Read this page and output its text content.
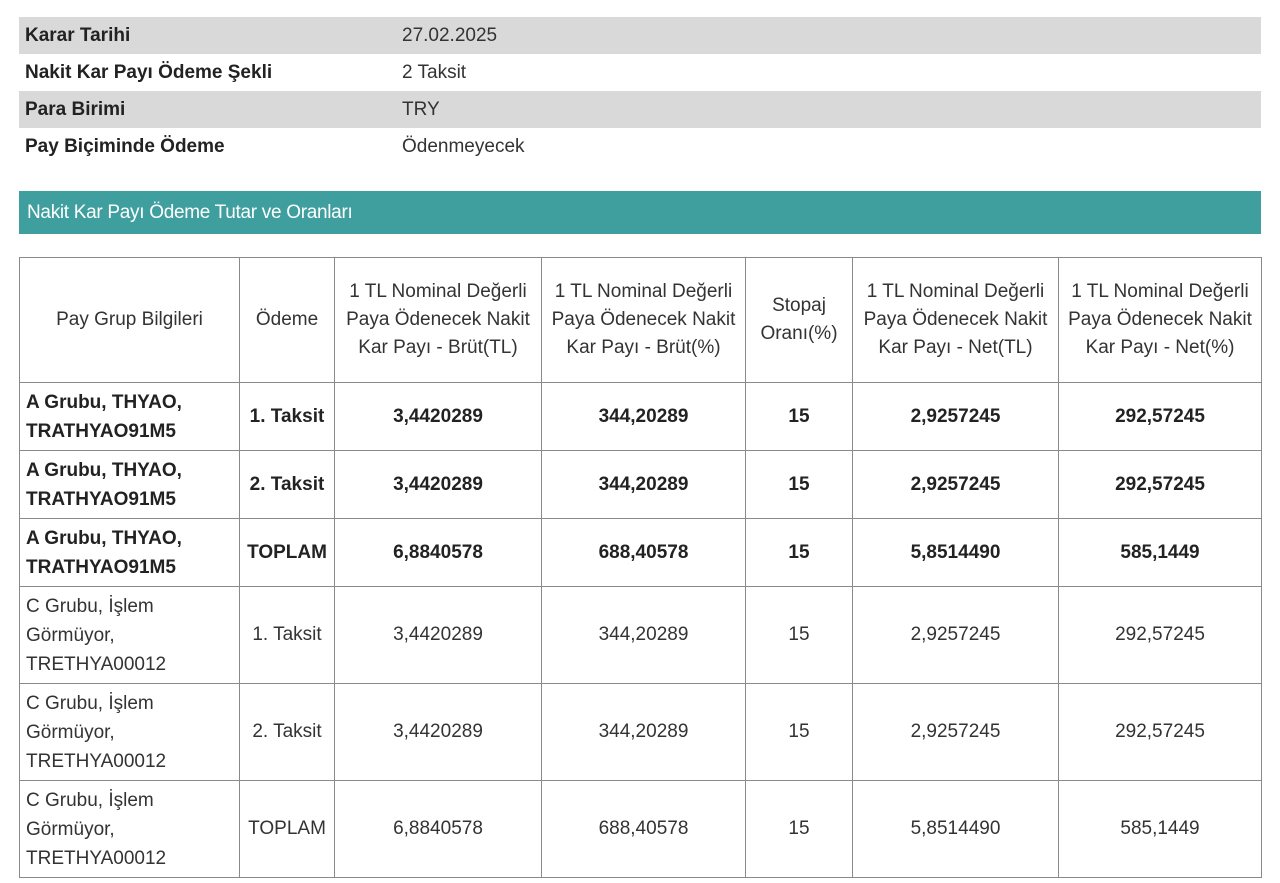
Karar Tarihi	27.02.2025
Nakit Kar Payı Ödeme Şekli	2 Taksit
Para Birimi	TRY
Pay Biçiminde Ödeme	Ödenmeyecek
Nakit Kar Payı Ödeme Tutar ve Oranları
Pay Grup Bilgileri	Ödeme	1 TL Nominal Değerli Paya Ödenecek Nakit Kar Payı - Brüt(TL)	1 TL Nominal Değerli Paya Ödenecek Nakit Kar Payı - Brüt(%)	Stopaj Oranı(%)	1 TL Nominal Değerli Paya Ödenecek Nakit Kar Payı - Net(TL)	1 TL Nominal Değerli Paya Ödenecek Nakit Kar Payı - Net(%)
A Grubu, THYAO, TRATHYAO91M5	1. Taksit	3,4420289	344,20289	15	2,9257245	292,57245
A Grubu, THYAO, TRATHYAO91M5	2. Taksit	3,4420289	344,20289	15	2,9257245	292,57245
A Grubu, THYAO, TRATHYAO91M5	TOPLAM	6,8840578	688,40578	15	5,8514490	585,1449
C Grubu, İşlem Görmüyor, TRETHYA00012	1. Taksit	3,4420289	344,20289	15	2,9257245	292,57245
C Grubu, İşlem Görmüyor, TRETHYA00012	2. Taksit	3,4420289	344,20289	15	2,9257245	292,57245
C Grubu, İşlem Görmüyor, TRETHYA00012	TOPLAM	6,8840578	688,40578	15	5,8514490	585,1449
